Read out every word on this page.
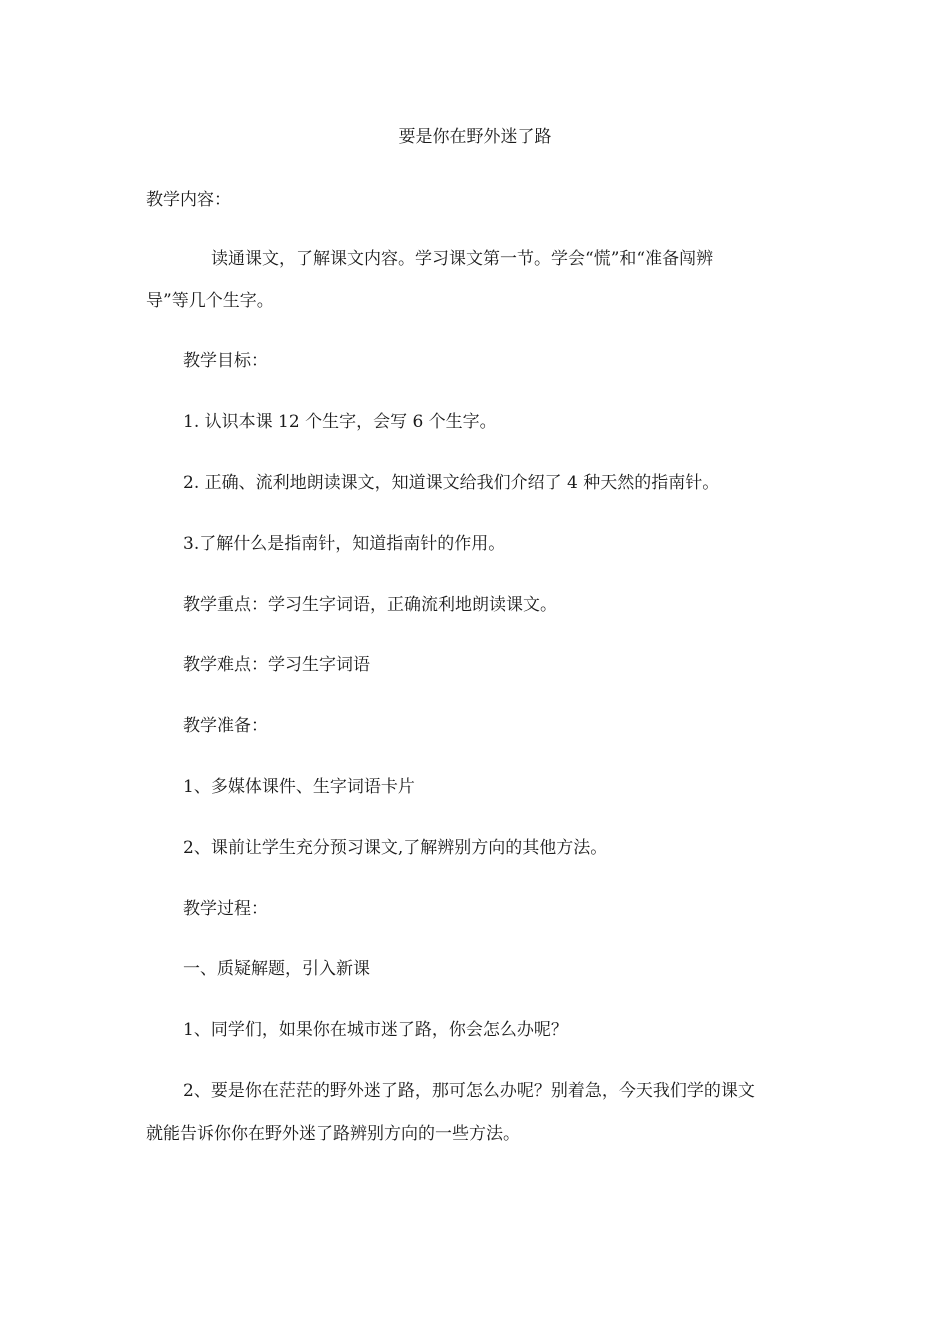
要是你在野外迷了路
教学内容：
读通课文，了解课文内容。学习课文第一节。学会“慌”和“准备闯辨
导”等几个生字。
教学目标：
1. 认识本课 12 个生字，会写 6 个生字。
2. 正确、流利地朗读课文，知道课文给我们介绍了 4 种天然的指南针。
3.了解什么是指南针，知道指南针的作用。
教学重点：学习生字词语，正确流利地朗读课文。
教学难点：学习生字词语
教学准备：
1、多媒体课件、生字词语卡片
2、课前让学生充分预习课文,了解辨别方向的其他方法。
教学过程：
一、质疑解题，引入新课
1、同学们，如果你在城市迷了路，你会怎么办呢？
2、要是你在茫茫的野外迷了路，那可怎么办呢？别着急，今天我们学的课文
就能告诉你你在野外迷了路辨别方向的一些方法。
